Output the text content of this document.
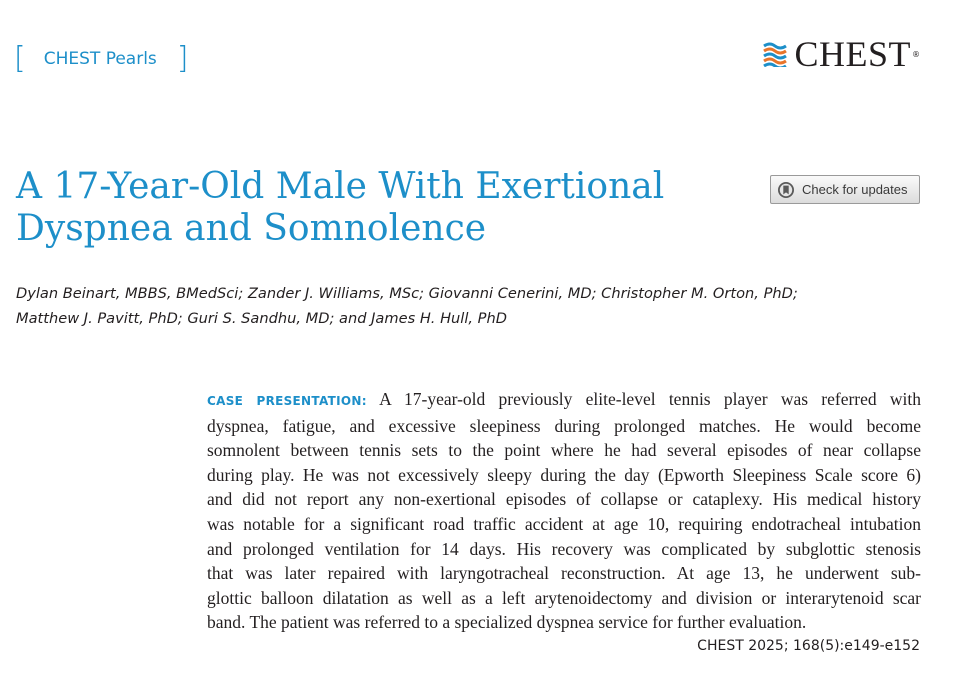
[ CHEST Pearls ]	CHEST ®
A 17-Year-Old Male With Exertional Dyspnea and Somnolence
Check for updates

Dylan Beinart, MBBS, BMedSci; Zander J. Williams, MSc; Giovanni Cenerini, MD; Christopher M. Orton, PhD;
Matthew J. Pavitt, PhD; Guri S. Sandhu, MD; and James H. Hull, PhD

CASE PRESENTATION: A 17-year-old previously elite-level tennis player was referred with
dyspnea, fatigue, and excessive sleepiness during prolonged matches. He would become
somnolent between tennis sets to the point where he had several episodes of near collapse
during play. He was not excessively sleepy during the day (Epworth Sleepiness Scale score 6)
and did not report any non-exertional episodes of collapse or cataplexy. His medical history
was notable for a significant road traffic accident at age 10, requiring endotracheal intubation
and prolonged ventilation for 14 days. His recovery was complicated by subglottic stenosis
that was later repaired with laryngotracheal reconstruction. At age 13, he underwent sub-
glottic balloon dilatation as well as a left arytenoidectomy and division or interarytenoid scar
band. The patient was referred to a specialized dyspnea service for further evaluation.
CHEST 2025; 168(5):e149-e152
